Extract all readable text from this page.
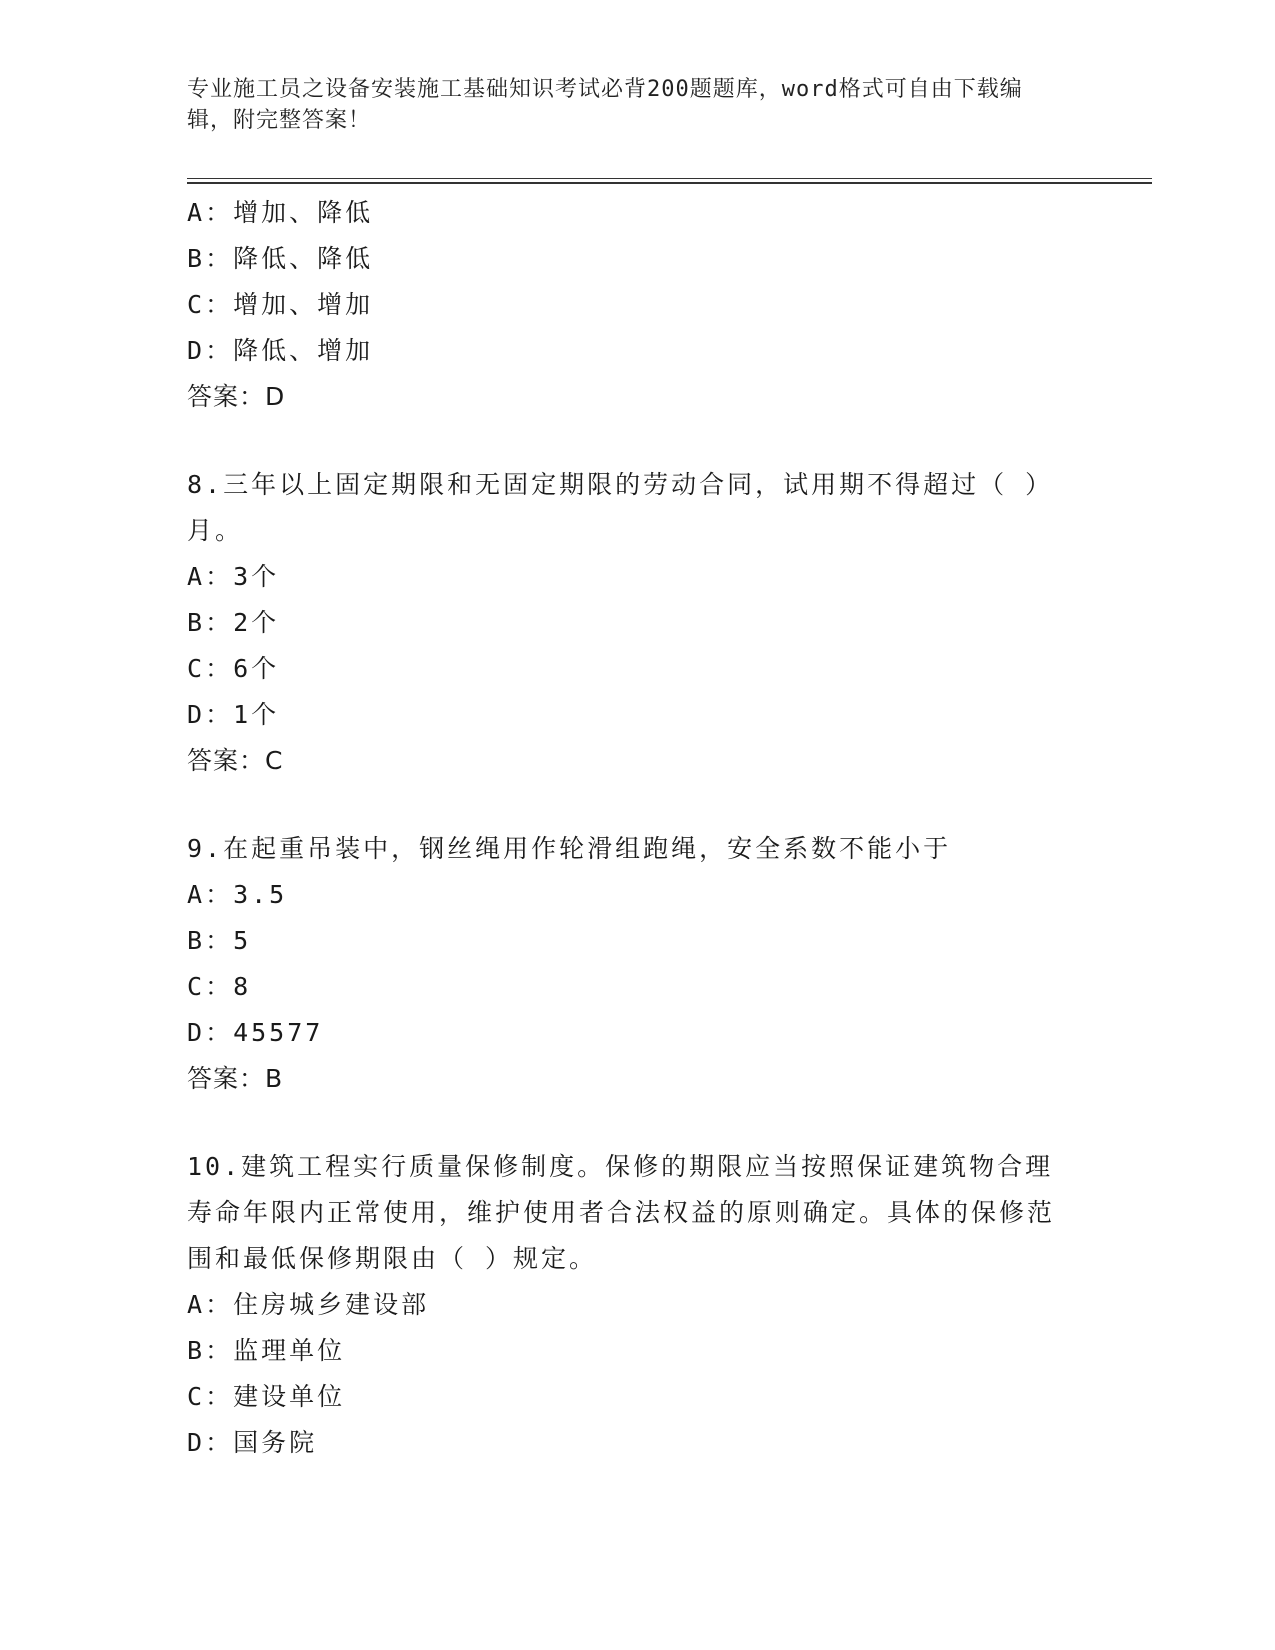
专业施工员之设备安装施工基础知识考试必背200题题库，word格式可自由下载编辑，附完整答案！
A：增加、降低
B：降低、降低
C：增加、增加
D：降低、增加
答案：D
8.三年以上固定期限和无固定期限的劳动合同，试用期不得超过（ ）月。
A：3个
B：2个
C：6个
D：1个
答案：C
9.在起重吊装中，钢丝绳用作轮滑组跑绳，安全系数不能小于
A：3.5
B：5
C：8
D：45577
答案：B
10.建筑工程实行质量保修制度。保修的期限应当按照保证建筑物合理寿命年限内正常使用，维护使用者合法权益的原则确定。具体的保修范围和最低保修期限由（ ）规定。
A：住房城乡建设部
B：监理单位
C：建设单位
D：国务院
